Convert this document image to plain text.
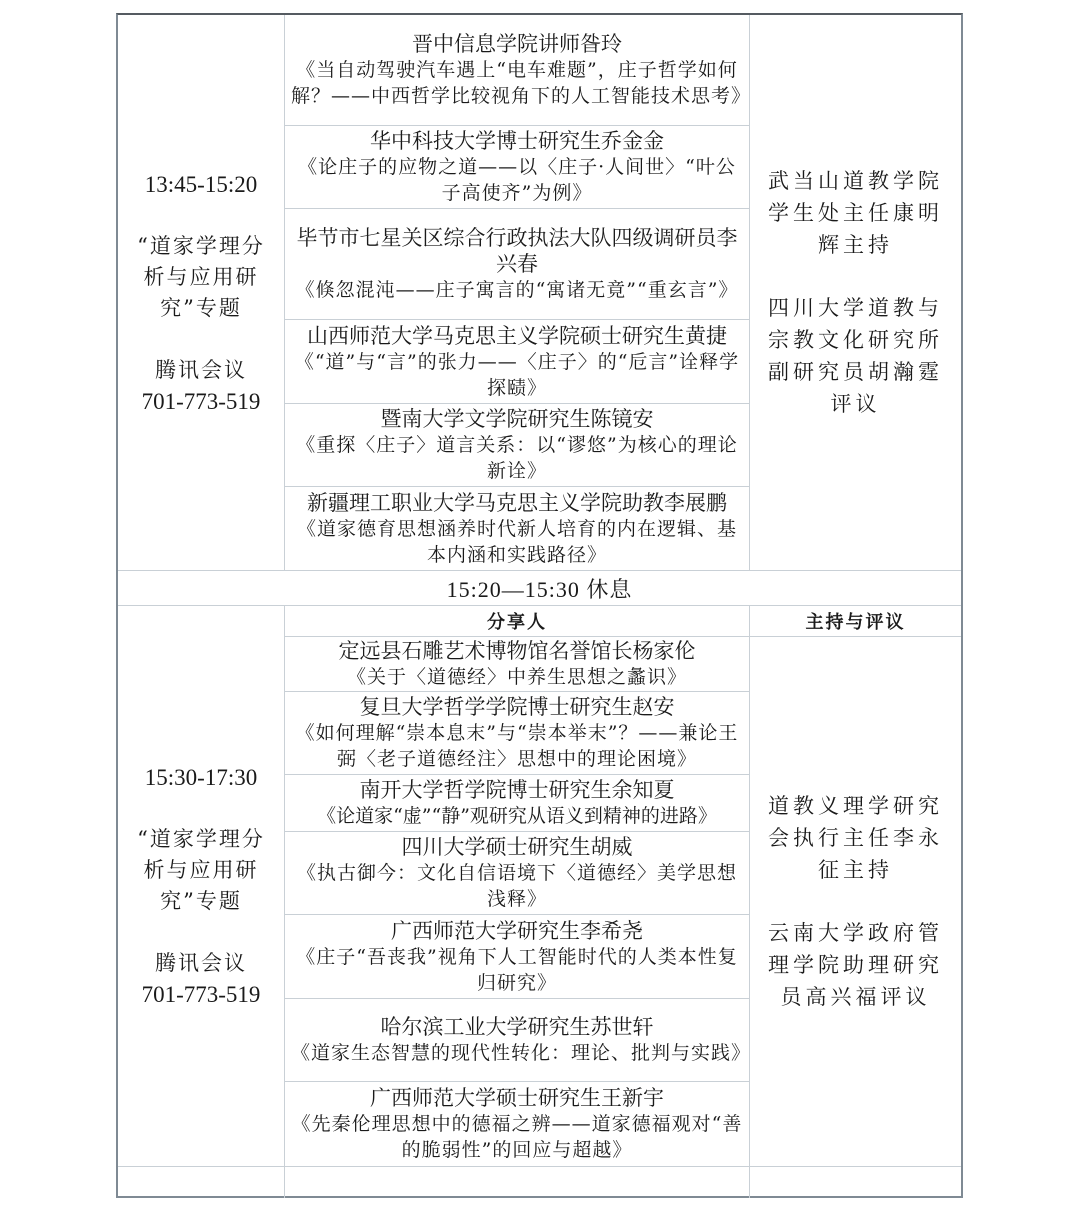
13:45-15:20
“道家学理分
析与应用研
究”专题
腾讯会议
701-773-519
晋中信息学院讲师昝玲
《当自动驾驶汽车遇上“电车难题”，庄子哲学如何解？——中西哲学比较视角下的人工智能技术思考》
华中科技大学博士研究生乔金金
《论庄子的应物之道——以〈庄子·人间世〉“叶公子高使齐”为例》
毕节市七星关区综合行政执法大队四级调研员李兴春
《倏忽混沌——庄子寓言的“寓诸无竟”“重玄言”》
山西师范大学马克思主义学院硕士研究生黄捷
《“道”与“言”的张力——〈庄子〉的“卮言”诠释学探赜》
暨南大学文学院研究生陈镜安
《重探〈庄子〉道言关系：以“谬悠”为核心的理论新诠》
新疆理工职业大学马克思主义学院助教李展鹏
《道家德育思想涵养时代新人培育的内在逻辑、基本内涵和实践路径》
武当山道教学院
学生处主任康明
辉主持
四川大学道教与
宗教文化研究所
副研究员胡瀚霆
评议
15:20—15:30 休息
15:30-17:30
“道家学理分
析与应用研
究”专题
腾讯会议
701-773-519
分享人	主持与评议
定远县石雕艺术博物馆名誉馆长杨家伦
《关于〈道德经〉中养生思想之蠡识》
复旦大学哲学学院博士研究生赵安
《如何理解“崇本息末”与“崇本举末”？——兼论王弼〈老子道德经注〉思想中的理论困境》
南开大学哲学院博士研究生余知夏
《论道家“虚”“静”观研究从语义到精神的进路》
四川大学硕士研究生胡威
《执古御今：文化自信语境下〈道德经〉美学思想浅释》
广西师范大学研究生李希尧
《庄子“吾丧我”视角下人工智能时代的人类本性复归研究》
哈尔滨工业大学研究生苏世轩
《道家生态智慧的现代性转化：理论、批判与实践》
广西师范大学硕士研究生王新宇
《先秦伦理思想中的德福之辨——道家德福观对“善的脆弱性”的回应与超越》
道教义理学研究
会执行主任李永
征主持
云南大学政府管
理学院助理研究
员高兴福评议
